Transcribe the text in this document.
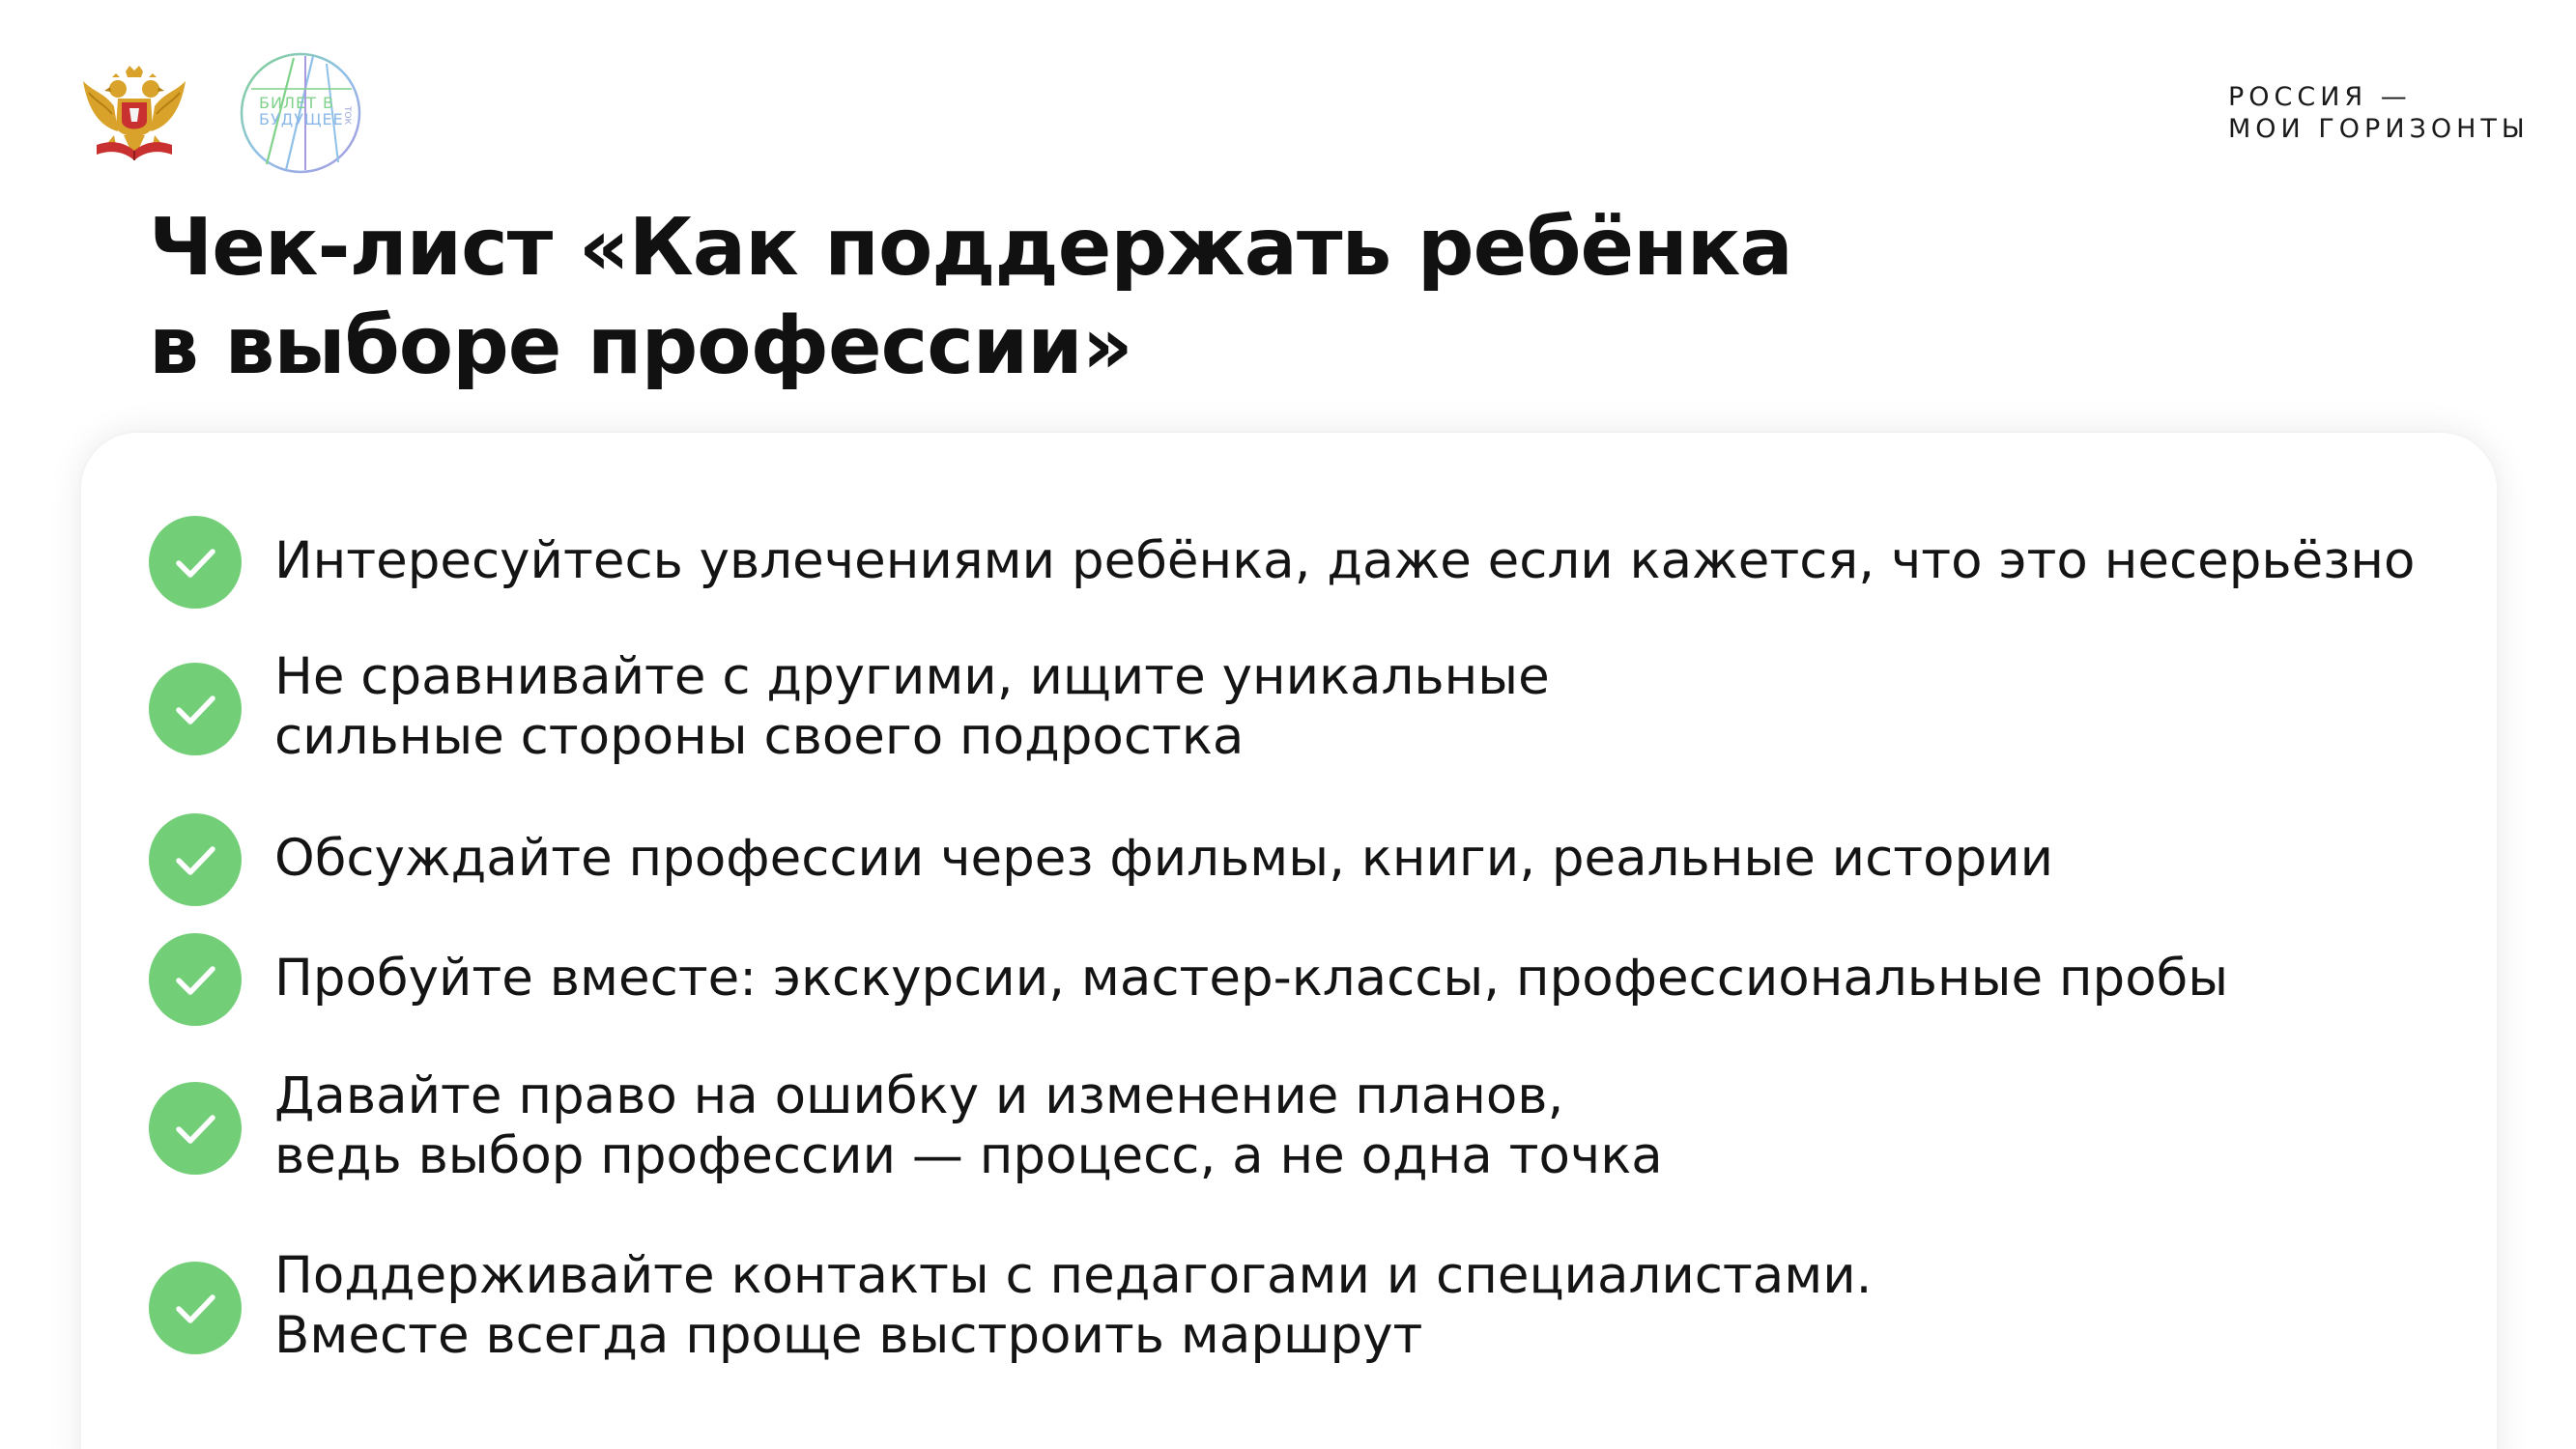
БИЛЕТ В
БУДУЩЕЕ
ТОК
РОССИЯ —
МОИ ГОРИЗОНТЫ
Чек-лист «Как поддержать ребёнка
в выборе профессии»
Интересуйтесь увлечениями ребёнка, даже если кажется, что это несерьёзно
Не сравнивайте с другими, ищите уникальные
сильные стороны своего подростка
Обсуждайте профессии через фильмы, книги, реальные истории
Пробуйте вместе: экскурсии, мастер-классы, профессиональные пробы
Давайте право на ошибку и изменение планов,
ведь выбор профессии — процесс, а не одна точка
Поддерживайте контакты с педагогами и специалистами.
Вместе всегда проще выстроить маршрут
